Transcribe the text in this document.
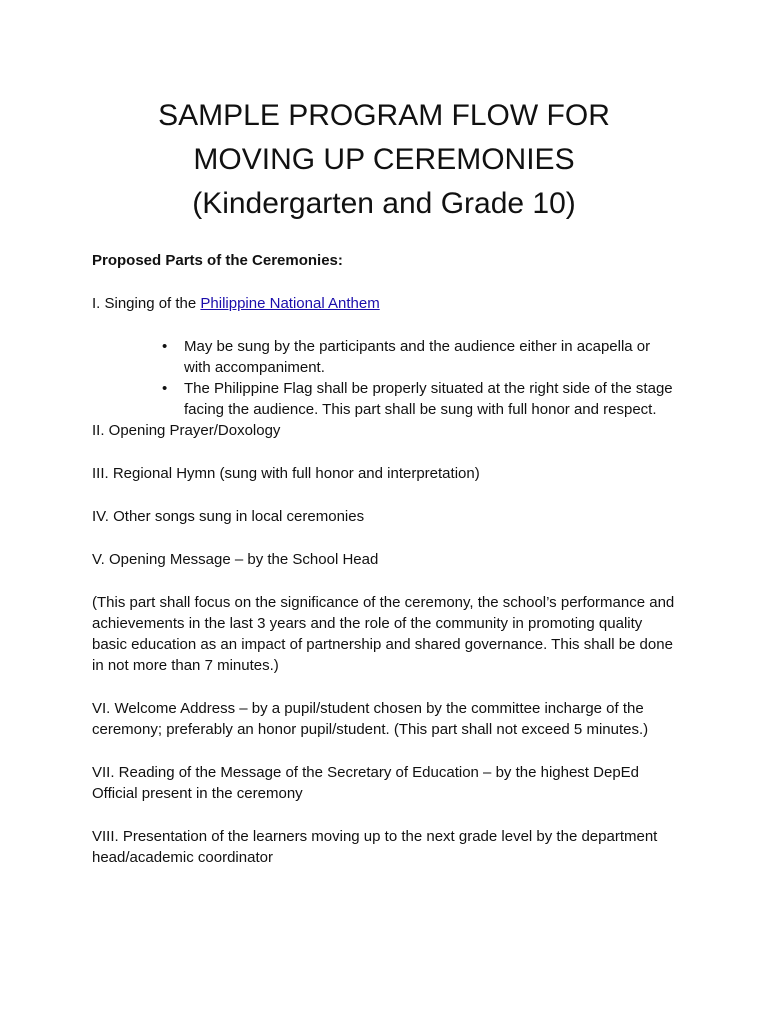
SAMPLE PROGRAM FLOW FOR
MOVING UP CEREMONIES
(Kindergarten and Grade 10)

Proposed Parts of the Ceremonies:

I. Singing of the Philippine National Anthem

• May be sung by the participants and the audience either in acapella or with accompaniment.
• The Philippine Flag shall be properly situated at the right side of the stage facing the audience. This part shall be sung with full honor and respect.

II. Opening Prayer/Doxology

III. Regional Hymn (sung with full honor and interpretation)

IV. Other songs sung in local ceremonies

V. Opening Message – by the School Head

(This part shall focus on the significance of the ceremony, the school’s performance and achievements in the last 3 years and the role of the community in promoting quality basic education as an impact of partnership and shared governance. This shall be done in not more than 7 minutes.)

VI. Welcome Address – by a pupil/student chosen by the committee incharge of the ceremony; preferably an honor pupil/student. (This part shall not exceed 5 minutes.)

VII. Reading of the Message of the Secretary of Education – by the highest DepEd Official present in the ceremony

VIII. Presentation of the learners moving up to the next grade level by the department head/academic coordinator
